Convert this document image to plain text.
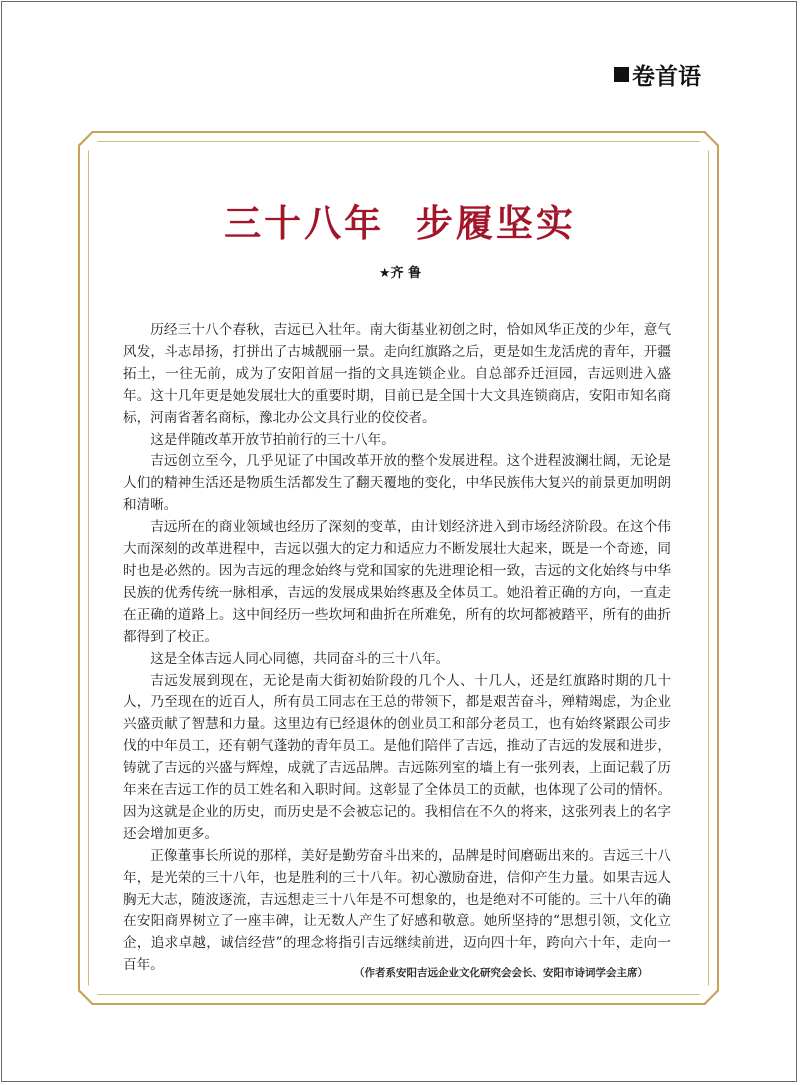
卷首语
三十八年  步履坚实
★齐 鲁

历经三十八个春秋，吉远已入壮年。南大街基业初创之时，恰如风华正茂的少年，意气风发，斗志昂扬，打拼出了古城靓丽一景。走向红旗路之后，更是如生龙活虎的青年，开疆拓土，一往无前，成为了安阳首屈一指的文具连锁企业。自总部乔迁洹园，吉远则进入盛年。这十几年更是她发展壮大的重要时期，目前已是全国十大文具连锁商店，安阳市知名商标，河南省著名商标，豫北办公文具行业的佼佼者。

这是伴随改革开放节拍前行的三十八年。

吉远创立至今，几乎见证了中国改革开放的整个发展进程。这个进程波澜壮阔，无论是人们的精神生活还是物质生活都发生了翻天覆地的变化，中华民族伟大复兴的前景更加明朗和清晰。

吉远所在的商业领域也经历了深刻的变革，由计划经济进入到市场经济阶段。在这个伟大而深刻的改革进程中，吉远以强大的定力和适应力不断发展壮大起来，既是一个奇迹，同时也是必然的。因为吉远的理念始终与党和国家的先进理论相一致，吉远的文化始终与中华民族的优秀传统一脉相承，吉远的发展成果始终惠及全体员工。她沿着正确的方向，一直走在正确的道路上。这中间经历一些坎坷和曲折在所难免，所有的坎坷都被踏平，所有的曲折都得到了校正。

这是全体吉远人同心同德，共同奋斗的三十八年。

吉远发展到现在，无论是南大街初始阶段的几个人、十几人，还是红旗路时期的几十人，乃至现在的近百人，所有员工同志在王总的带领下，都是艰苦奋斗，殚精竭虑，为企业兴盛贡献了智慧和力量。这里边有已经退休的创业员工和部分老员工，也有始终紧跟公司步伐的中年员工，还有朝气蓬勃的青年员工。是他们陪伴了吉远，推动了吉远的发展和进步，铸就了吉远的兴盛与辉煌，成就了吉远品牌。吉远陈列室的墙上有一张列表，上面记载了历年来在吉远工作的员工姓名和入职时间。这彰显了全体员工的贡献，也体现了公司的情怀。因为这就是企业的历史，而历史是不会被忘记的。我相信在不久的将来，这张列表上的名字还会增加更多。

正像董事长所说的那样，美好是勤劳奋斗出来的，品牌是时间磨砺出来的。吉远三十八年，是光荣的三十八年，也是胜利的三十八年。初心激励奋进，信仰产生力量。如果吉远人胸无大志，随波逐流，吉远想走三十八年是不可想象的，也是绝对不可能的。三十八年的确在安阳商界树立了一座丰碑，让无数人产生了好感和敬意。她所坚持的“思想引领，文化立企，追求卓越，诚信经营”的理念将指引吉远继续前进，迈向四十年，跨向六十年，走向一百年。	（作者系安阳吉远企业文化研究会会长、安阳市诗词学会主席）
